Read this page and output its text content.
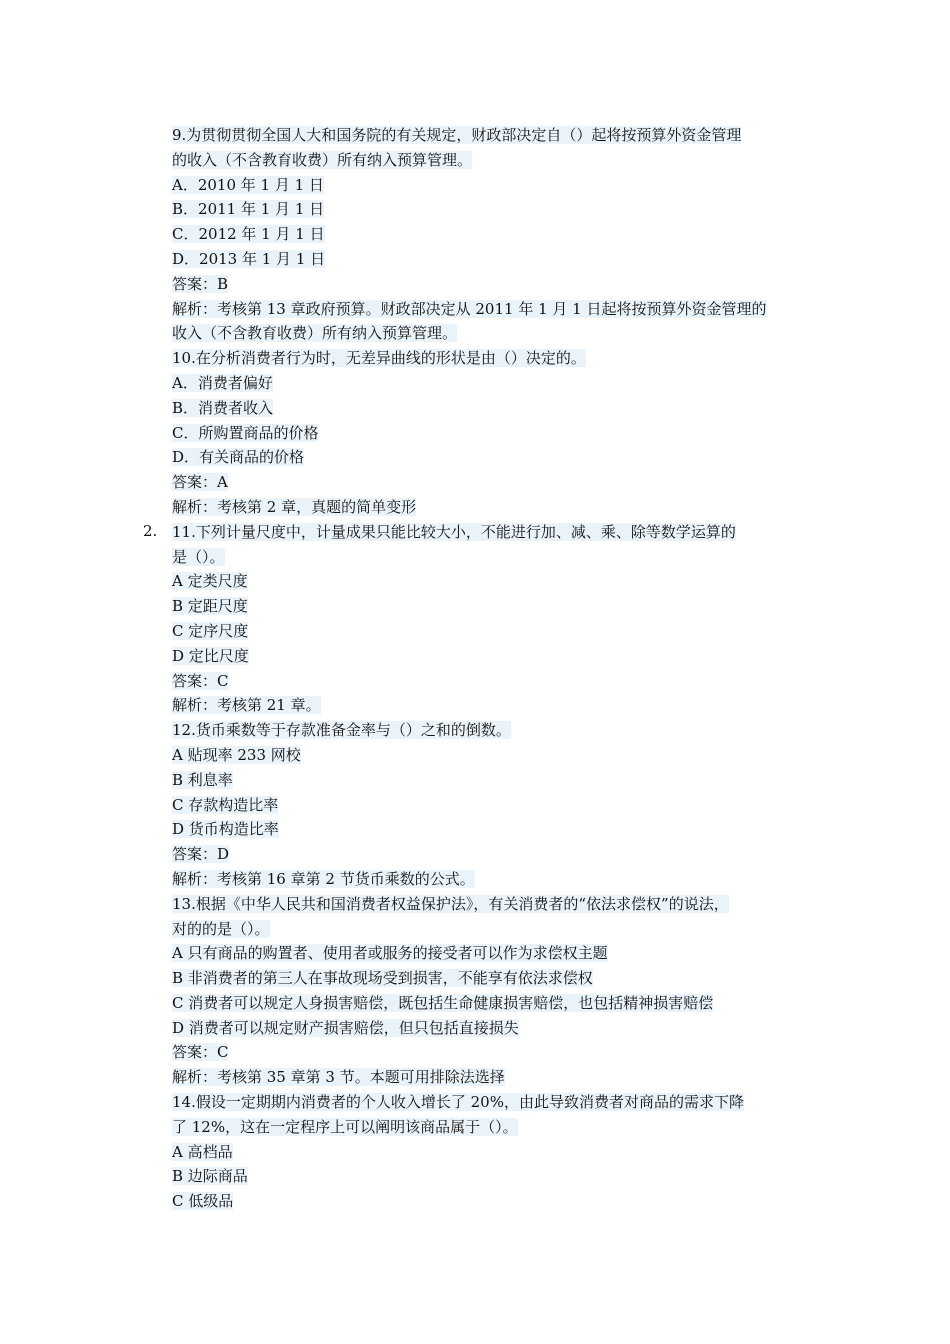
2.
9.为贯彻贯彻全国人大和国务院的有关规定，财政部决定自（）起将按预算外资金管理
的收入（不含教育收费）所有纳入预算管理。
A．2010 年 1 月 1 日
B．2011 年 1 月 1 日
C．2012 年 1 月 1 日
D．2013 年 1 月 1 日
答案：B
解析：考核第 13 章政府预算。财政部决定从 2011 年 1 月 1 日起将按预算外资金管理的
收入（不含教育收费）所有纳入预算管理。
10.在分析消费者行为时，无差异曲线的形状是由（）决定的。
A．消费者偏好
B．消费者收入
C．所购置商品的价格
D．有关商品的价格
答案：A
解析：考核第 2 章，真题的简单变形
11.下列计量尺度中，计量成果只能比较大小，不能进行加、减、乘、除等数学运算的
是（）。
A 定类尺度
B 定距尺度
C 定序尺度
D 定比尺度
答案：C
解析：考核第 21 章。
12.货币乘数等于存款准备金率与（）之和的倒数。
A 贴现率 233 网校
B 利息率
C 存款构造比率
D 货币构造比率
答案：D
解析：考核第 16 章第 2 节货币乘数的公式。
13.根据《中华人民共和国消费者权益保护法》，有关消费者的“依法求偿权”的说法，
对的的是（）。
A 只有商品的购置者、使用者或服务的接受者可以作为求偿权主题
B 非消费者的第三人在事故现场受到损害，不能享有依法求偿权
C 消费者可以规定人身损害赔偿，既包括生命健康损害赔偿，也包括精神损害赔偿
D 消费者可以规定财产损害赔偿，但只包括直接损失
答案：C
解析：考核第 35 章第 3 节。本题可用排除法选择
14.假设一定期期内消费者的个人收入增长了 20%，由此导致消费者对商品的需求下降
了 12%，这在一定程序上可以阐明该商品属于（）。
A 高档品
B 边际商品
C 低级品
